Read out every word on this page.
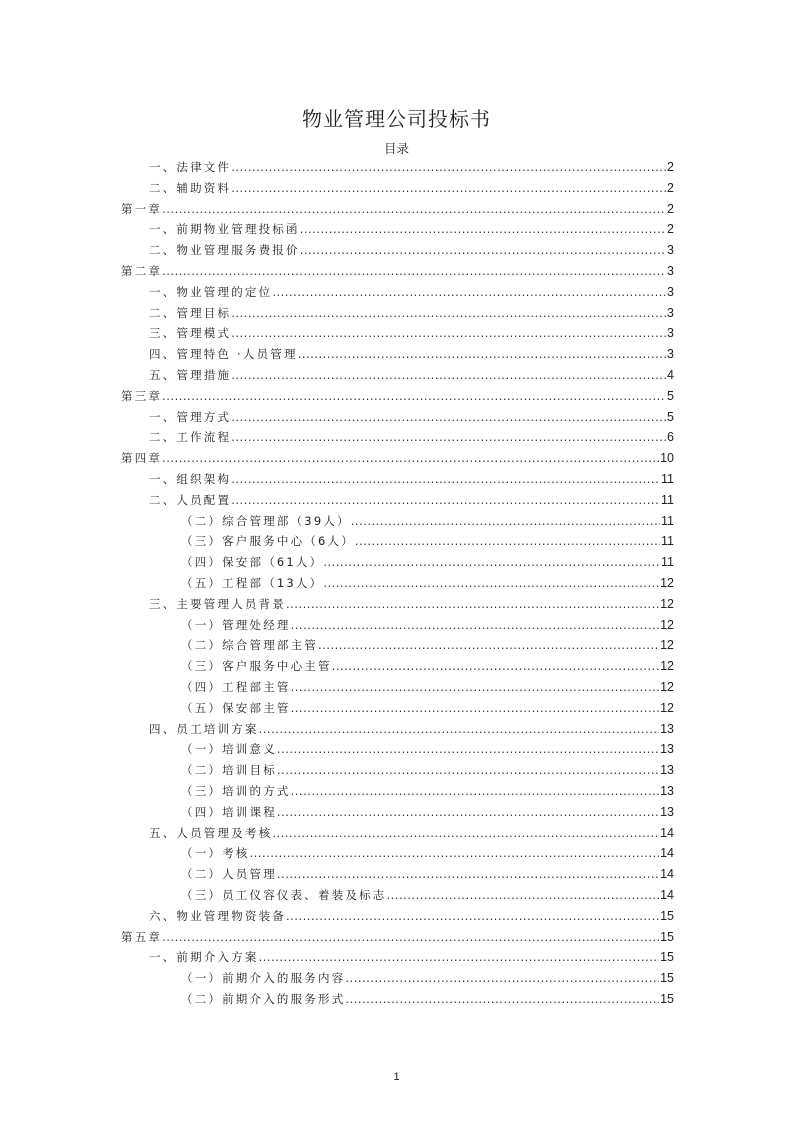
物业管理公司投标书
目录
一、法律文件 .....	2
二、辅助资料 .....	2
第一章 .....	2
一、前期物业管理投标函 .....	2
二、物业管理服务费报价 .....	3
第二章 .....	3
一、物业管理的定位 .....	3
二、管理目标 .....	3
三、管理模式 .....	3
四、管理特色 ·人员管理 .....	3
五、管理措施 .....	4
第三章 .....	5
一、管理方式 .....	5
二、工作流程 .....	6
第四章 .....	10
一、组织架构 .....	11
二、人员配置 .....	11
（二）综合管理部（39人） .....	11
（三）客户服务中心（6人） .....	11
（四）保安部（61人） .....	11
（五）工程部（13人） .....	12
三、主要管理人员背景 .....	12
（一）管理处经理 .....	12
（二）综合管理部主管 .....	12
（三）客户服务中心主管 .....	12
（四）工程部主管 .....	12
（五）保安部主管 .....	12
四、员工培训方案 .....	13
（一）培训意义 .....	13
（二）培训目标 .....	13
（三）培训的方式 .....	13
（四）培训课程 .....	13
五、人员管理及考核 .....	14
（一）考核 .....	14
（二）人员管理 .....	14
（三）员工仪容仪表、着装及标志 .....	14
六、物业管理物资装备 .....	15
第五章 .....	15
一、前期介入方案 .....	15
（一）前期介入的服务内容 .....	15
（二）前期介入的服务形式 .....	15
1
